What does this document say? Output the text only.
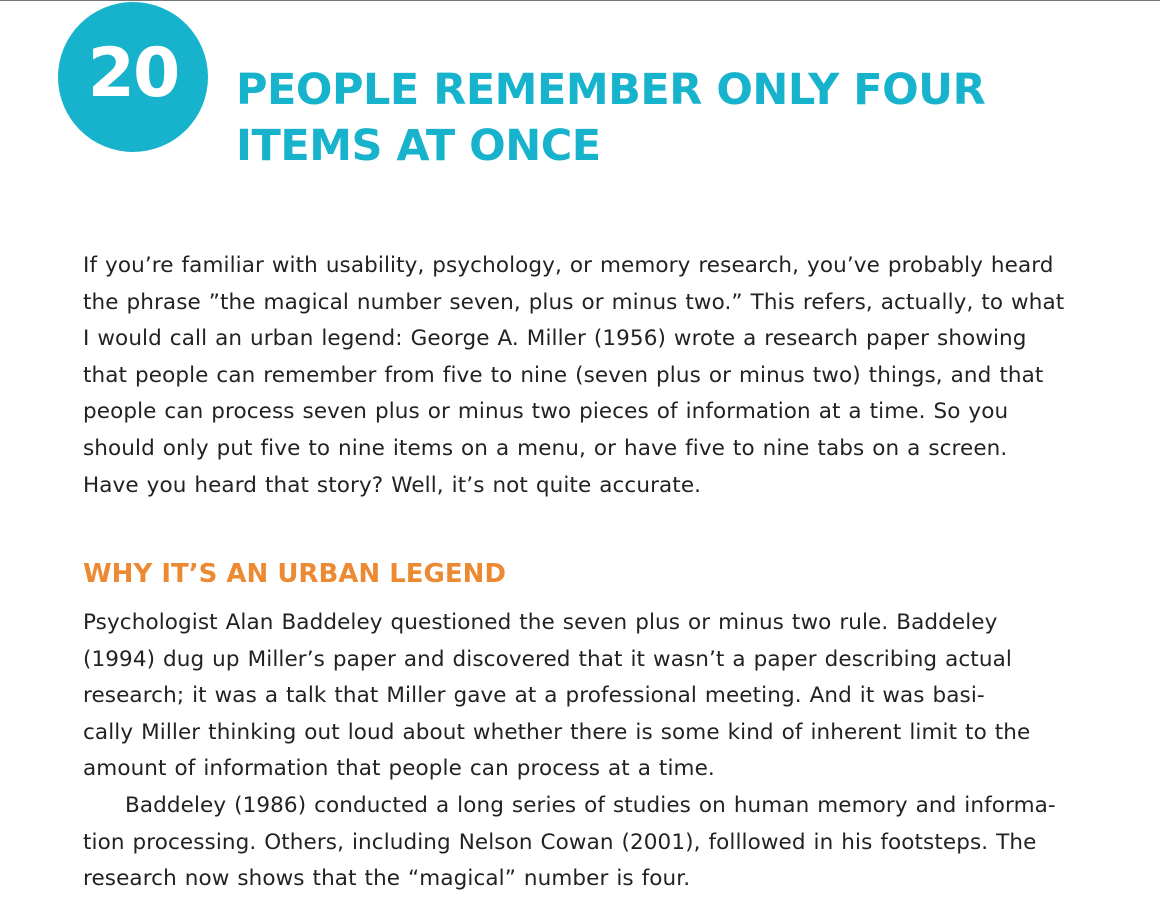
20 PEOPLE REMEMBER ONLY FOUR
ITEMS AT ONCE

If you’re familiar with usability, psychology, or memory research, you’ve probably heard
the phrase ”the magical number seven, plus or minus two.” This refers, actually, to what
I would call an urban legend: George A. Miller (1956) wrote a research paper showing
that people can remember from five to nine (seven plus or minus two) things, and that
people can process seven plus or minus two pieces of information at a time. So you
should only put five to nine items on a menu, or have five to nine tabs on a screen.
Have you heard that story? Well, it’s not quite accurate.

WHY IT’S AN URBAN LEGEND
Psychologist Alan Baddeley questioned the seven plus or minus two rule. Baddeley
(1994) dug up Miller’s paper and discovered that it wasn’t a paper describing actual
research; it was a talk that Miller gave at a professional meeting. And it was basi-
cally Miller thinking out loud about whether there is some kind of inherent limit to the
amount of information that people can process at a time.
Baddeley (1986) conducted a long series of studies on human memory and informa-
tion processing. Others, including Nelson Cowan (2001), folllowed in his footsteps. The
research now shows that the “magical” number is four.
